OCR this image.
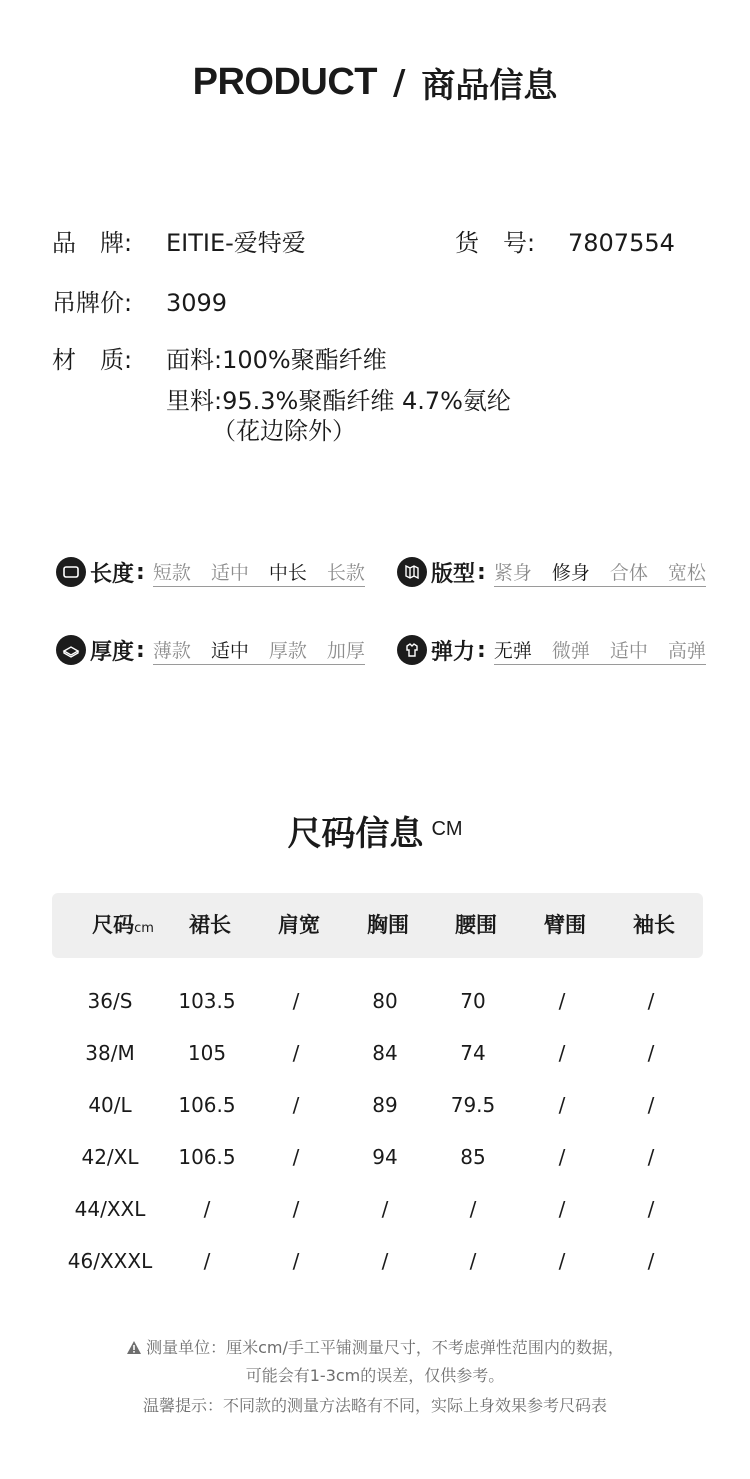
PRODUCT / 商品信息
品　牌: EITIE-爱特爱	货　号: 7807554
吊牌价: 3099
材　质: 面料:100%聚酯纤维
里料:95.3%聚酯纤维 4.7%氨纶
（花边除外）
长度 : 短款 适中 中长 长款	版型 : 紧身 修身 合体 宽松
厚度 : 薄款 适中 厚款 加厚	弹力 : 无弹 微弹 适中 高弹
尺码信息 CM
尺码cm	裙长	肩宽	胸围	腰围	臂围	袖长
36/S	103.5	/	80	70	/	/
38/M	105	/	84	74	/	/
40/L	106.5	/	89	79.5	/	/
42/XL	106.5	/	94	85	/	/
44/XXL	/	/	/	/	/	/
46/XXXL	/	/	/	/	/	/
测量单位：厘米cm/手工平铺测量尺寸，不考虑弹性范围内的数据，
可能会有1-3cm的误差，仅供参考。
温馨提示：不同款的测量方法略有不同，实际上身效果参考尺码表
